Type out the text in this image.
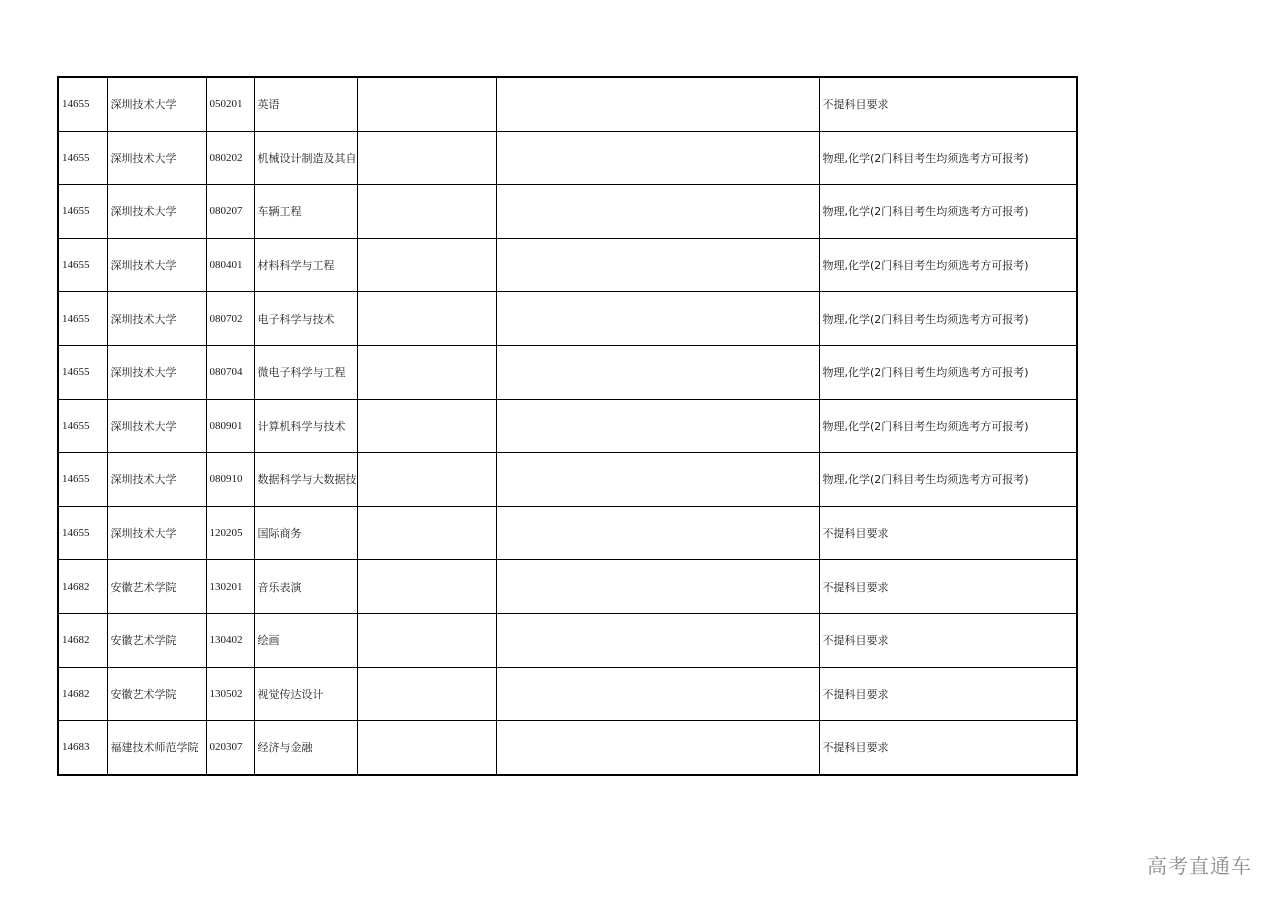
14655	深圳技术大学	050201	英语			不提科目要求
14655	深圳技术大学	080202	机械设计制造及其自			物理,化学(2门科目考生均须选考方可报考)
14655	深圳技术大学	080207	车辆工程			物理,化学(2门科目考生均须选考方可报考)
14655	深圳技术大学	080401	材料科学与工程			物理,化学(2门科目考生均须选考方可报考)
14655	深圳技术大学	080702	电子科学与技术			物理,化学(2门科目考生均须选考方可报考)
14655	深圳技术大学	080704	微电子科学与工程			物理,化学(2门科目考生均须选考方可报考)
14655	深圳技术大学	080901	计算机科学与技术			物理,化学(2门科目考生均须选考方可报考)
14655	深圳技术大学	080910	数据科学与大数据技			物理,化学(2门科目考生均须选考方可报考)
14655	深圳技术大学	120205	国际商务			不提科目要求
14682	安徽艺术学院	130201	音乐表演			不提科目要求
14682	安徽艺术学院	130402	绘画			不提科目要求
14682	安徽艺术学院	130502	视觉传达设计			不提科目要求
14683	福建技术师范学院	020307	经济与金融			不提科目要求
高考直通车
